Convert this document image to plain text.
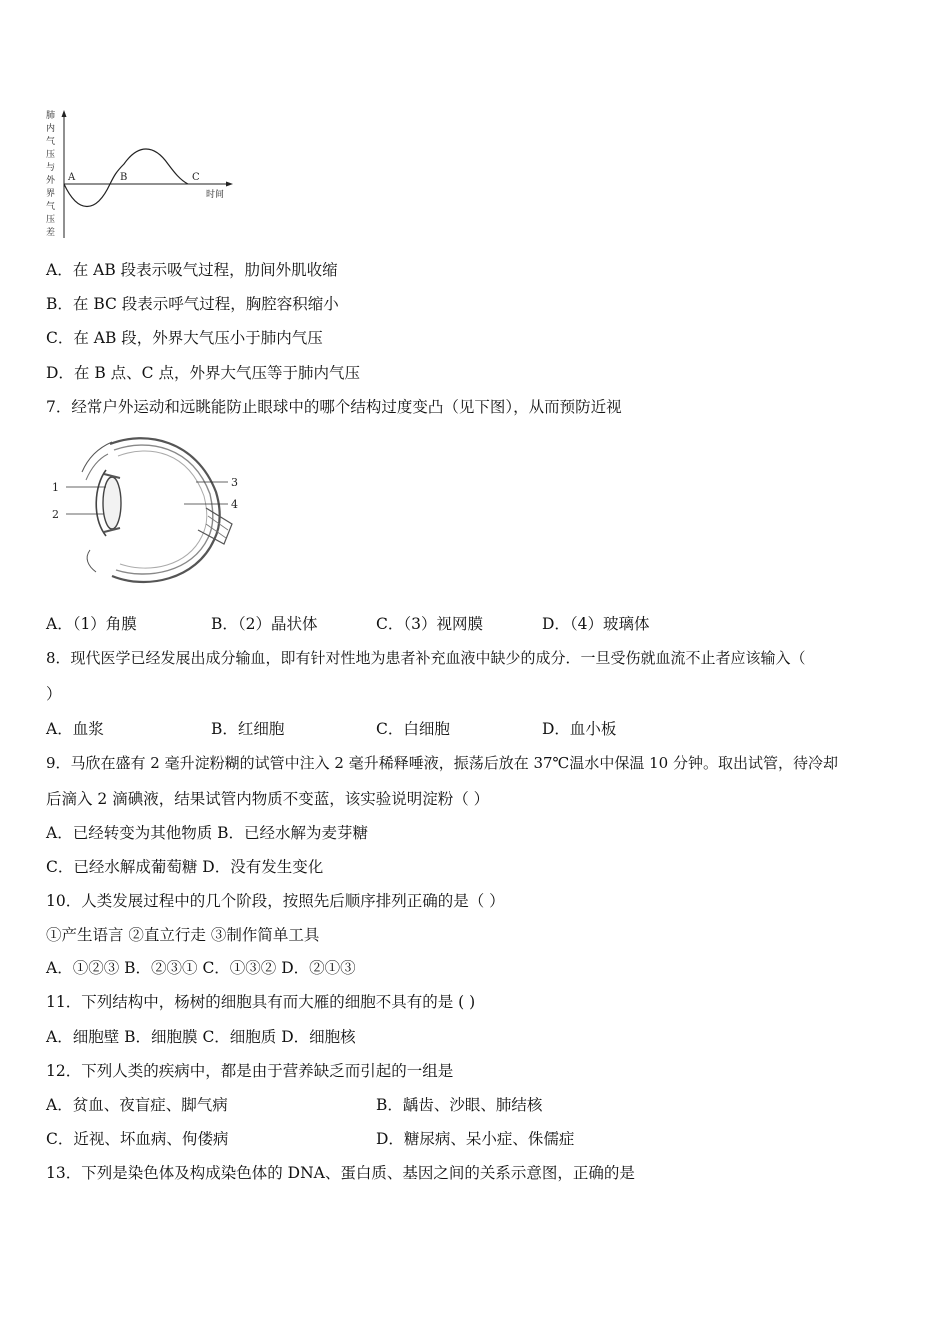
肺内气压与外界气压差
A	B	C
时间
A．在 AB 段表示吸气过程，肋间外肌收缩
B．在 BC 段表示呼气过程，胸腔容积缩小
C．在 AB 段，外界大气压小于肺内气压
D．在 B 点、C 点，外界大气压等于肺内气压
7．经常户外运动和远眺能防止眼球中的哪个结构过度变凸（见下图），从而预防近视
1
2
3
4
A．（1）角膜	B．（2）晶状体	C．（3）视网膜	D．（4）玻璃体
8．现代医学已经发展出成分输血，即有针对性地为患者补充血液中缺少的成分．一旦受伤就血流不止者应该输入（
）
A．血浆	B．红细胞	C．白细胞	D．血小板
9．马欣在盛有 2 毫升淀粉糊的试管中注入 2 毫升稀释唾液，振荡后放在 37℃温水中保温 10 分钟。取出试管，待冷却
后滴入 2 滴碘液，结果试管内物质不变蓝，该实验说明淀粉（ ）
A．已经转变为其他物质 B．已经水解为麦芽糖
C．已经水解成葡萄糖 D．没有发生变化
10．人类发展过程中的几个阶段，按照先后顺序排列正确的是（ ）
①产生语言 ②直立行走 ③制作简单工具
A．①②③ B．②③① C．①③② D．②①③
11．下列结构中，杨树的细胞具有而大雁的细胞不具有的是 ( )
A．细胞壁 B．细胞膜 C．细胞质 D．细胞核
12．下列人类的疾病中，都是由于营养缺乏而引起的一组是
A．贫血、夜盲症、脚气病	B．龋齿、沙眼、肺结核
C．近视、坏血病、佝偻病	D．糖尿病、呆小症、侏儒症
13．下列是染色体及构成染色体的 DNA、蛋白质、基因之间的关系示意图，正确的是
